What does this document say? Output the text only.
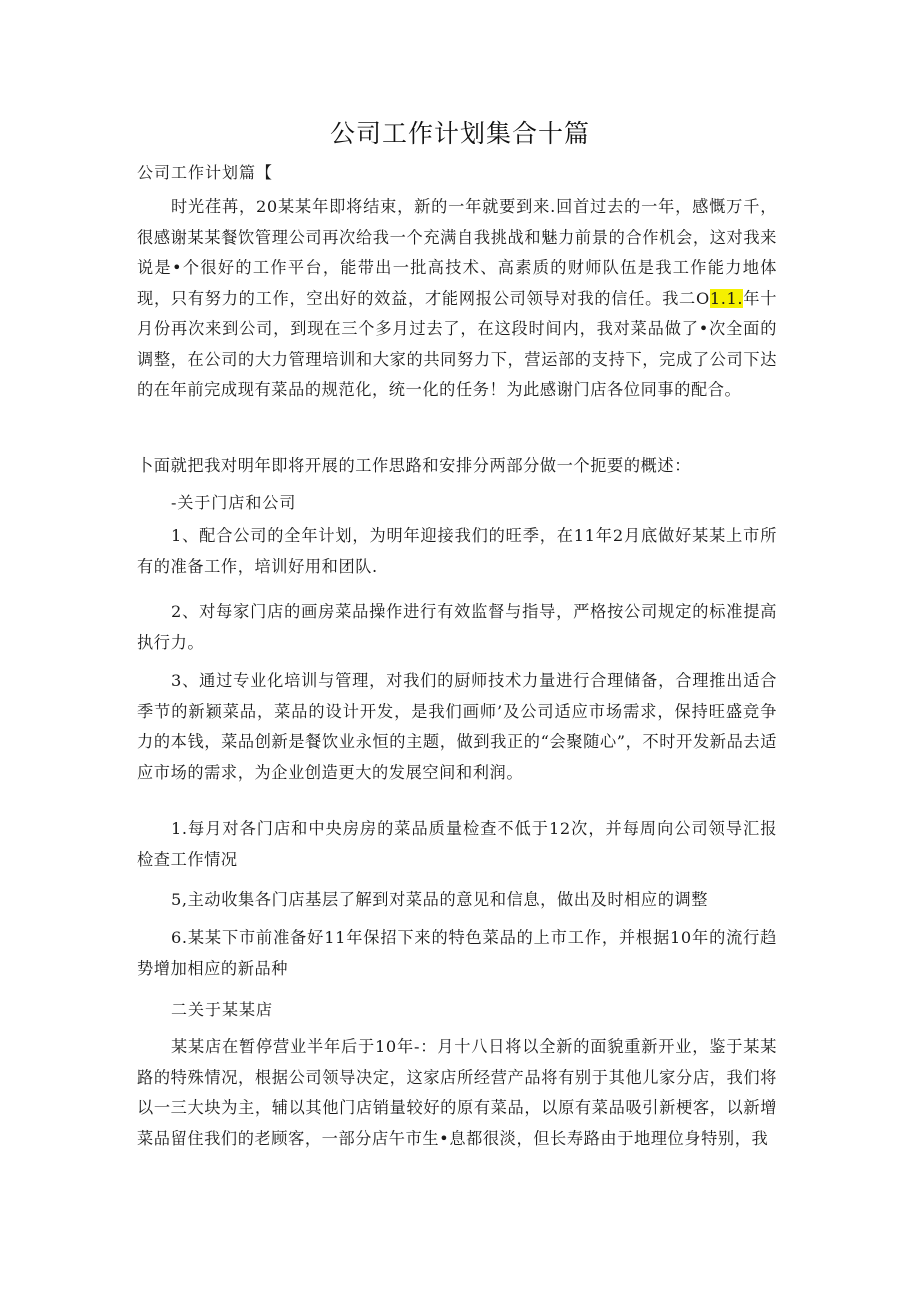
公司工作计划集合十篇
公司工作计划篇【
时光荏苒，20某某年即将结束，新的一年就要到来.回首过去的一年，感慨万千，很感谢某某餐饮管理公司再次给我一个充满自我挑战和魅力前景的合作机会，这对我来说是•个很好的工作平台，能带出一批高技术、高素质的财师队伍是我工作能力地体现，只有努力的工作，空出好的效益，才能网报公司领导对我的信任。我二O1.1.年十月份再次来到公司，到现在三个多月过去了，在这段时间内，我对菜品做了•次全面的调整，在公司的大力管理培训和大家的共同努力下，营运部的支持下，完成了公司下达的在年前完成现有菜品的规范化，统一化的任务！为此感谢门店各位同事的配合。
卜面就把我对明年即将开展的工作思路和安排分两部分做一个扼要的概述：
-关于门店和公司
1、配合公司的全年计划，为明年迎接我们的旺季，在11年2月底做好某某上市所有的准备工作，培训好用和团队.
2、对每家门店的画房菜品操作进行有效监督与指导，严格按公司规定的标准提高执行力。
3、通过专业化培训与管理，对我们的厨师技术力量进行合理储备，合理推出适合季节的新颖菜品，菜品的设计开发，是我们画师’及公司适应市场需求，保持旺盛竞争力的本钱，菜品创新是餐饮业永恒的主题，做到我正的“会聚随心”，不时开发新品去适应市场的需求，为企业创造更大的发展空间和利润。
1.每月对各门店和中央房房的菜品质量检查不低于12次，并每周向公司领导汇报检查工作情况
5,主动收集各门店基层了解到对菜品的意见和信息，做出及时相应的调整
6.某某下市前准备好11年保招下来的特色菜品的上市工作，并根据10年的流行趋势增加相应的新品种
二关于某某店
某某店在暂停营业半年后于10年-：月十八日将以全新的面貌重新开业，鉴于某某路的特殊情况，根据公司领导决定，这家店所经营产品将有别于其他儿家分店，我们将以一三大块为主，辅以其他门店销量较好的原有菜品，以原有菜品吸引新梗客，以新增菜品留住我们的老顾客，一部分店午市生•息都很淡，但长寿路由于地理位身特别，我
